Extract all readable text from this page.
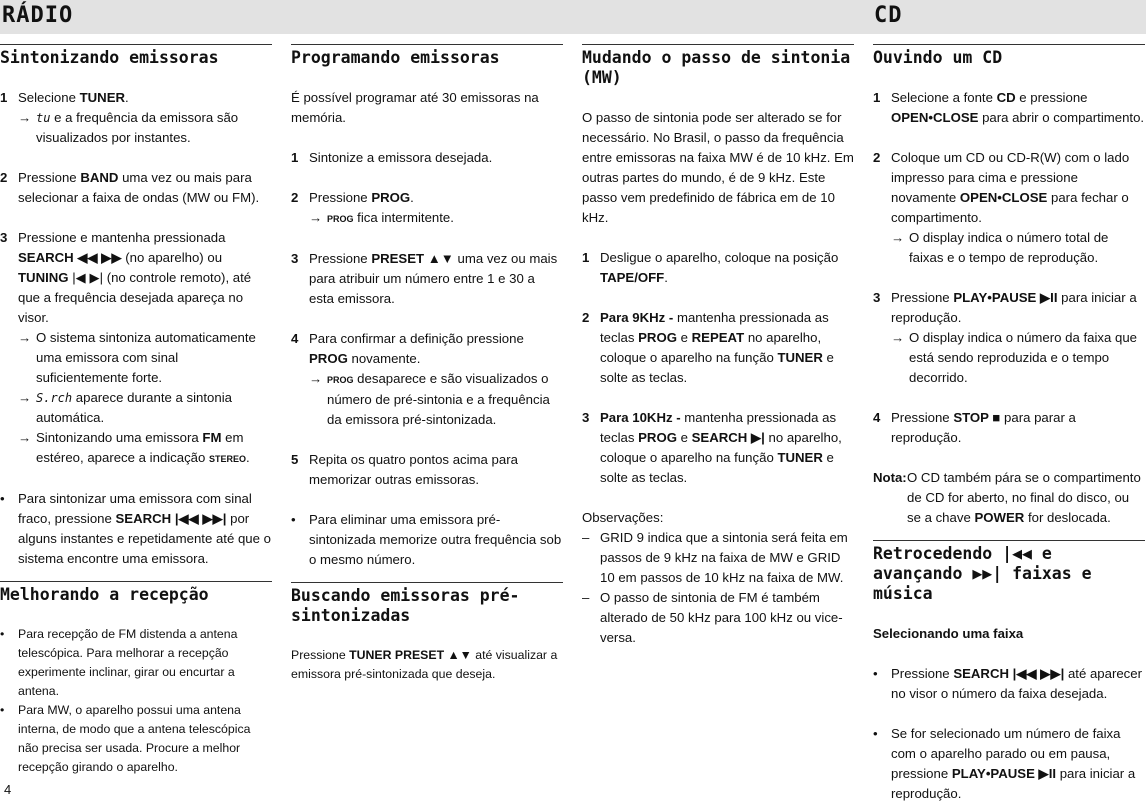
RÁDIO	CD
Sintonizando emissoras
1 Selecione TUNER.
→ tu e a frequência da emissora são visualizados por instantes.
2 Pressione BAND uma vez ou mais para selecionar a faixa de ondas (MW ou FM).
3 Pressione e mantenha pressionada SEARCH ◀◀ ▶▶ (no aparelho) ou TUNING |◀ ▶| (no controle remoto), até que a frequência desejada apareça no visor.
→ O sistema sintoniza automaticamente uma emissora com sinal suficientemente forte.
→ S.rch aparece durante a sintonia automática.
→ Sintonizando uma emissora FM em estéreo, aparece a indicação STEREO.
• Para sintonizar uma emissora com sinal fraco, pressione SEARCH |◀◀ ▶▶| por alguns instantes e repetidamente até que o sistema encontre uma emissora.
Melhorando a recepção
• Para recepção de FM distenda a antena telescópica. Para melhorar a recepção experimente inclinar, girar ou encurtar a antena.
• Para MW, o aparelho possui uma antena interna, de modo que a antena telescópica não precisa ser usada. Procure a melhor recepção girando o aparelho.
Programando emissoras
É possível programar até 30 emissoras na memória.
1 Sintonize a emissora desejada.
2 Pressione PROG.
→ PROG fica intermitente.
3 Pressione PRESET ▲▼ uma vez ou mais para atribuir um número entre 1 e 30 a esta emissora.
4 Para confirmar a definição pressione PROG novamente.
→ PROG desaparece e são visualizados o número de pré-sintonia e a frequência da emissora pré-sintonizada.
5 Repita os quatro pontos acima para memorizar outras emissoras.
• Para eliminar uma emissora pré-sintonizada memorize outra frequência sob o mesmo número.
Buscando emissoras pré-sintonizadas
Pressione TUNER PRESET ▲▼ até visualizar a emissora pré-sintonizada que deseja.
Mudando o passo de sintonia (MW)
O passo de sintonia pode ser alterado se for necessário. No Brasil, o passo da frequência entre emissoras na faixa MW é de 10 kHz. Em outras partes do mundo, é de 9 kHz. Este passo vem predefinido de fábrica em de 10 kHz.
1 Desligue o aparelho, coloque na posição TAPE/OFF.
2 Para 9KHz - mantenha pressionada as teclas PROG e REPEAT no aparelho, coloque o aparelho na função TUNER e solte as teclas.
3 Para 10KHz - mantenha pressionada as teclas PROG e SEARCH ▶| no aparelho, coloque o aparelho na função TUNER e solte as teclas.
Observações:
– GRID 9 indica que a sintonia será feita em passos de 9 kHz na faixa de MW e GRID 10 em passos de 10 kHz na faixa de MW.
– O passo de sintonia de FM é também alterado de 50 kHz para 100 kHz ou vice-versa.
Ouvindo um CD
1 Selecione a fonte CD e pressione OPEN•CLOSE para abrir o compartimento.
2 Coloque um CD ou CD-R(W) com o lado impresso para cima e pressione novamente OPEN•CLOSE para fechar o compartimento.
→ O display indica o número total de faixas e o tempo de reprodução.
3 Pressione PLAY•PAUSE ▶II para iniciar a reprodução.
→ O display indica o número da faixa que está sendo reproduzida e o tempo decorrido.
4 Pressione STOP ■ para parar a reprodução.
Nota: O CD também pára se o compartimento de CD for aberto, no final do disco, ou se a chave POWER for deslocada.
Retrocedendo |◀◀ e avançando ▶▶| faixas e música
Selecionando uma faixa
• Pressione SEARCH |◀◀ ▶▶| até aparecer no visor o número da faixa desejada.
• Se for selecionado um número de faixa com o aparelho parado ou em pausa, pressione PLAY•PAUSE ▶II para iniciar a reprodução.
4
